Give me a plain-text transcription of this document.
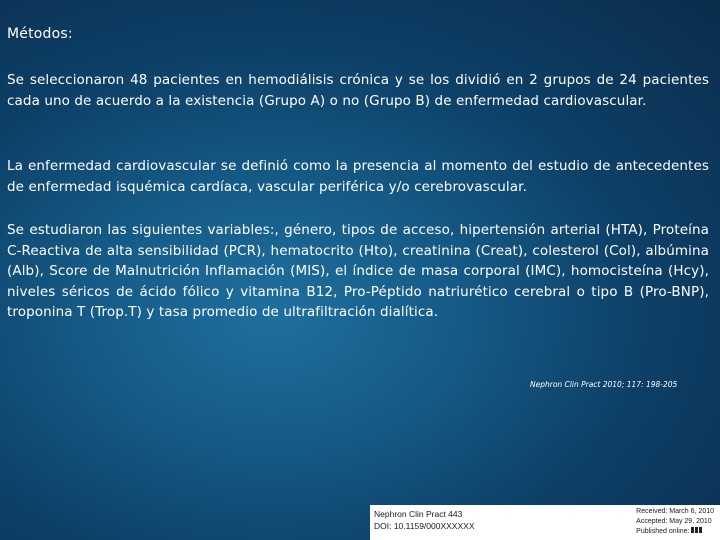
Métodos:
Se seleccionaron 48 pacientes en hemodiálisis crónica y se los dividió en 2 grupos de 24 pacientes cada uno de acuerdo a la existencia (Grupo A) o no (Grupo B) de enfermedad cardiovascular.
La enfermedad cardiovascular se definió como la presencia al momento del estudio de antecedentes de enfermedad isquémica cardíaca, vascular periférica y/o cerebrovascular.
Se estudiaron las siguientes variables:, género, tipos de acceso, hipertensión arterial (HTA), Proteína C-Reactiva de alta sensibilidad (PCR), hematocrito (Hto), creatinina (Creat), colesterol (Col), albúmina (Alb), Score de Malnutrición Inflamación (MIS), el índice de masa corporal (IMC), homocisteína (Hcy), niveles séricos de ácido fólico y vitamina B12, Pro-Péptido natriurético cerebral o tipo B (Pro-BNP), troponina T (Trop.T) y tasa promedio de ultrafiltración dialítica.
Nephron Clin Pract 2010; 117: 198-205
Nephron Clin Pract 443
DOI: 10.1159/000XXXXXX
Received: March 6, 2010
Accepted: May 29, 2010
Published online:
